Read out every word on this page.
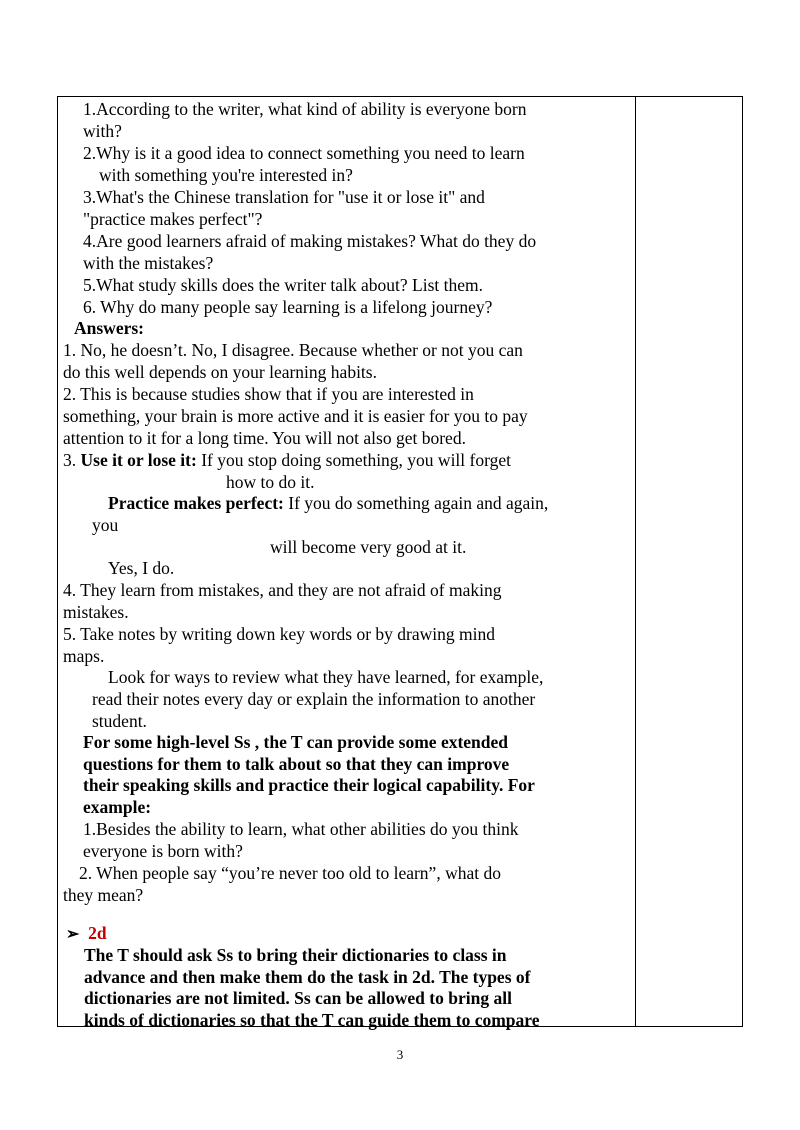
1.According to the writer, what kind of ability is everyone born
with?
2.Why is it a good idea to connect something you need to learn
with something you're interested in?
3.What's the Chinese translation for "use it or lose it" and
"practice makes perfect"?
4.Are good learners afraid of making mistakes? What do they do
with the mistakes?
5.What study skills does the writer talk about? List them.
6. Why do many people say learning is a lifelong journey?
Answers:
1. No, he doesn’t. No, I disagree. Because whether or not you can
do this well depends on your learning habits.
2. This is because studies show that if you are interested in
something, your brain is more active and it is easier for you to pay
attention to it for a long time. You will not also get bored.
3. Use it or lose it: If you stop doing something, you will forget
how to do it.
Practice makes perfect: If you do something again and again,
you
will become very good at it.
Yes, I do.
4. They learn from mistakes, and they are not afraid of making
mistakes.
5. Take notes by writing down key words or by drawing mind
maps.
Look for ways to review what they have learned, for example,
read their notes every day or explain the information to another
student.
For some high-level Ss , the T can provide some extended
questions for them to talk about so that they can improve
their speaking skills and practice their logical capability. For
example:
1.Besides the ability to learn, what other abilities do you think
everyone is born with?
2. When people say “you’re never too old to learn”, what do
they mean?
➢ 2d
The T should ask Ss to bring their dictionaries to class in
advance and then make them do the task in 2d. The types of
dictionaries are not limited. Ss can be allowed to bring all
kinds of dictionaries so that the T can guide them to compare
3
